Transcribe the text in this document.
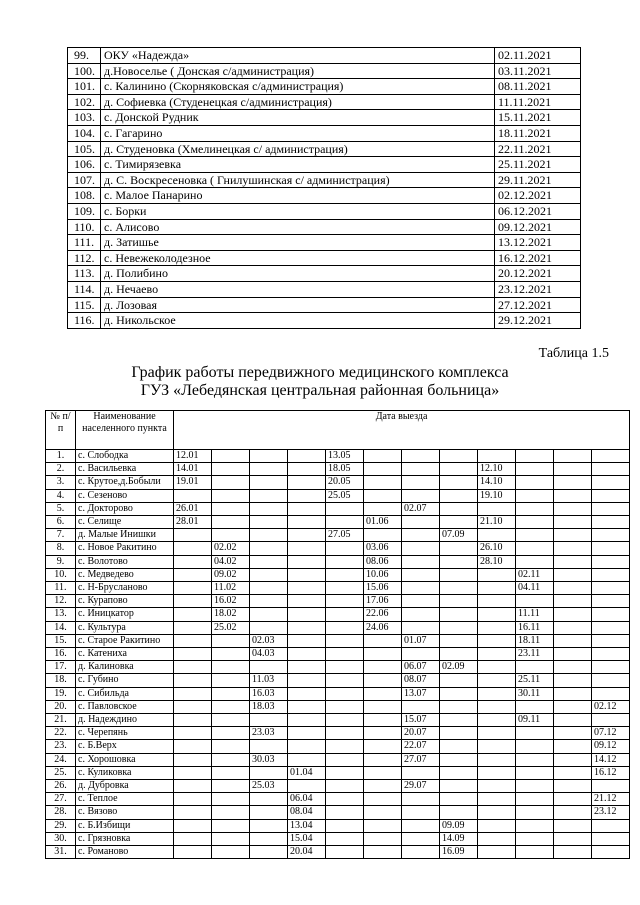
99.	ОКУ «Надежда»	02.11.2021
100.	д.Новоселье ( Донская с/администрация)	03.11.2021
101.	с. Калинино (Скорняковская с/администрация)	08.11.2021
102.	д. Софиевка (Студенецкая с/администрация)	11.11.2021
103.	с. Донской Рудник	15.11.2021
104.	с. Гагарино	18.11.2021
105.	д. Студеновка (Хмелинецкая с/ администрация)	22.11.2021
106.	с. Тимирязевка	25.11.2021
107.	д. С. Воскресеновка ( Гнилушинская с/ администрация)	29.11.2021
108.	с. Малое Панарино	02.12.2021
109.	с. Борки	06.12.2021
110.	с. Алисово	09.12.2021
111.	д. Затишье	13.12.2021
112.	с. Невежеколодезное	16.12.2021
113.	д. Полибино	20.12.2021
114.	д. Нечаево	23.12.2021
115.	д. Лозовая	27.12.2021
116.	д. Никольское	29.12.2021
Таблица 1.5
График работы передвижного медицинского комплекса
ГУЗ «Лебедянская центральная районная больница»
№ п/п	Наименование населенного пункта	Дата выезда											
1.	с. Слободка	12.01				13.05							
2.	с. Васильевка	14.01				18.05				12.10			
3.	с. Крутое,д.Бобыли	19.01				20.05				14.10			
4.	с. Сезеново					25.05				19.10			
5.	с. Докторово	26.01						02.07					
6.	с. Селище	28.01					01.06			21.10			
7.	д. Малые Инишки					27.05			07.09				
8.	с. Новое Ракитино		02.02				03.06			26.10			
9.	с. Волотово		04.02				08.06			28.10			
10.	с. Медведево		09.02				10.06				02.11		
11.	с. Н-Брусланово		11.02				15.06				04.11		
12.	с. Курапово		16.02				17.06						
13.	с. Иницкатор		18.02				22.06				11.11		
14.	с. Культура		25.02				24.06				16.11		
15.	с. Старое Ракитино			02.03				01.07			18.11		
16.	с. Катениха			04.03							23.11		
17.	д. Калиновка							06.07	02.09				
18.	с. Губино			11.03				08.07			25.11		
19.	с. Сибильда			16.03				13.07			30.11		
20.	с. Павловское			18.03									02.12
21.	д. Надеждино							15.07			09.11		
22.	с. Черепянь			23.03				20.07					07.12
23.	с. Б.Верх							22.07					09.12
24.	с. Хорошовка			30.03				27.07					14.12
25.	с. Куликовка				01.04								16.12
26.	д. Дубровка			25.03				29.07					
27.	с. Теплое				06.04								21.12
28.	с. Вязово				08.04								23.12
29.	с. Б.Избищи				13.04				09.09				
30.	с. Грязновка				15.04				14.09				
31.	с. Романово				20.04				16.09				
